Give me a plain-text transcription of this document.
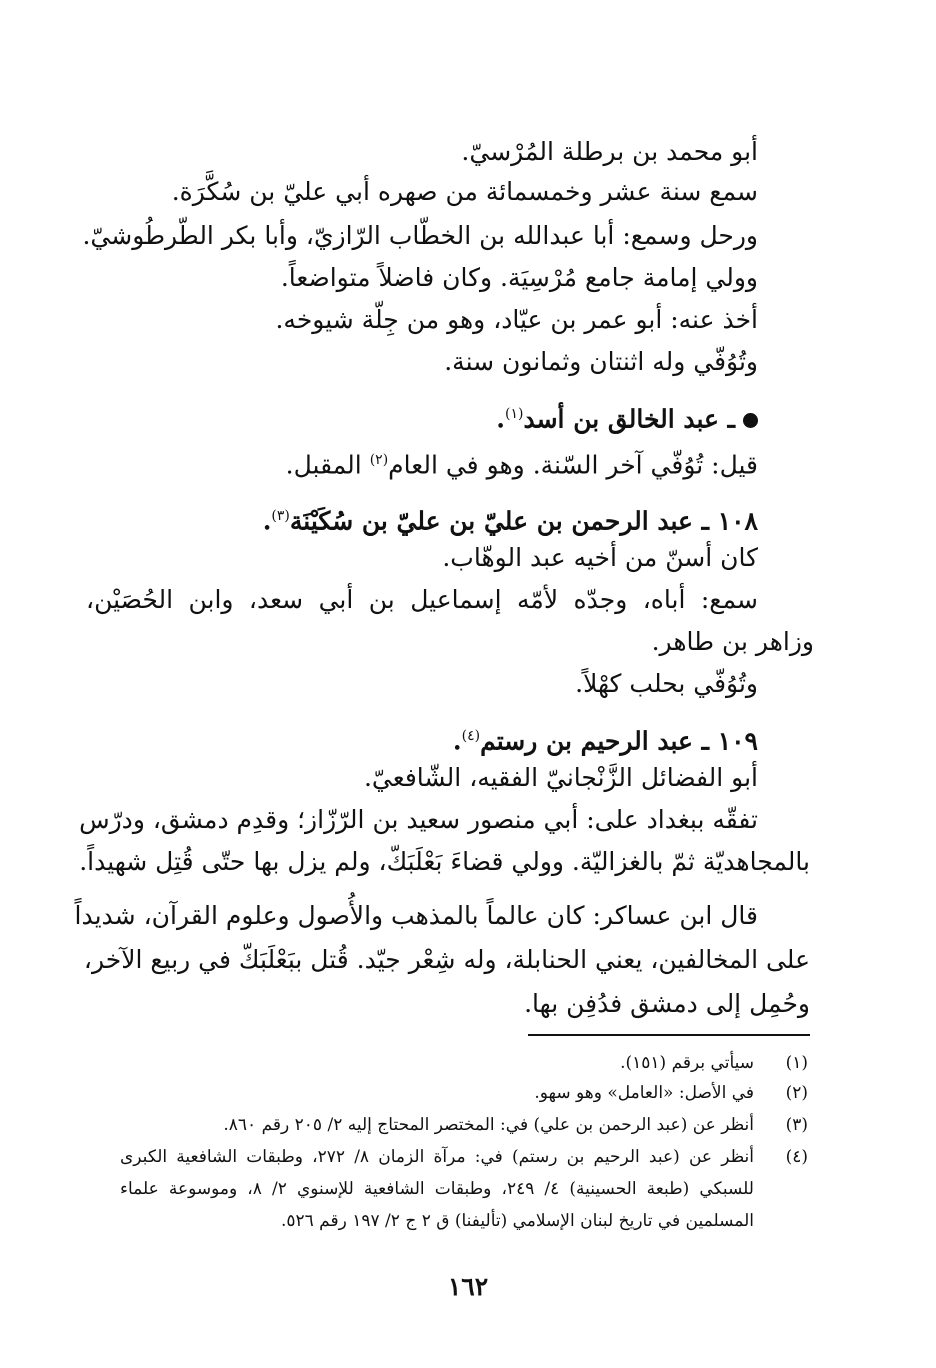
أبو محمد بن برطلة المُرْسيّ.
سمع سنة عشر وخمسمائة من صهره أبي عليّ بن سُكَّرَة.
ورحل وسمع: أبا عبدالله بن الخطّاب الرّازيّ، وأبا بكر الطّرطُوشيّ.
وولي إمامة جامع مُرْسِيَة. وكان فاضلاً متواضعاً.
أخذ عنه: أبو عمر بن عيّاد، وهو من جِلّة شيوخه.
وتُوُفّي وله اثنتان وثمانون سنة.
ـ عبد الخالق بن أسد$^{(١)}$.
قيل: تُوُفّي آخر السّنة. وهو في العام$^{(٢)}$ المقبل.
١٠٨ ـ عبد الرحمن بن عليّ بن عليّ بن سُكَيْنَة$^{(٣)}$.
كان أسنّ من أخيه عبد الوهّاب.
سمع: أباه، وجدّه لأمّه إسماعيل بن أبي سعد، وابن الحُصَيْن،
وزاهر بن طاهر.
وتُوُفّي بحلب كهْلاً.
١٠٩ ـ عبد الرحيم بن رستم$^{(٤)}$.
أبو الفضائل الزَّنْجانيّ الفقيه، الشّافعيّ.
تفقّه ببغداد على: أبي منصور سعيد بن الرّزّاز؛ وقدِم دمشق، ودرّس
بالمجاهديّة ثمّ بالغزاليّة. وولي قضاءَ بَعْلَبَكّ، ولم يزل بها حتّى قُتِل شهيداً.
قال ابن عساكر: كان عالماً بالمذهب والأُصول وعلوم القرآن، شديداً
على المخالفين، يعني الحنابلة، وله شِعْر جيّد. قُتل ببَعْلَبَكّ في ربيع الآخر،
وحُمِل إلى دمشق فدُفِن بها.
(١)
سيأتي برقم (١٥١).
(٢)
في الأصل: «العامل» وهو سهو.
(٣)
أنظر عن (عبد الرحمن بن علي) في: المختصر المحتاج إليه ٢/ ٢٠٥ رقم ٨٦٠.
(٤)
أنظر عن (عبد الرحيم بن رستم) في: مرآة الزمان ٨/ ٢٧٢، وطبقات الشافعية الكبرى
للسبكي (طبعة الحسينية) ٤/ ٢٤٩، وطبقات الشافعية للإسنوي ٢/ ٨، وموسوعة علماء
المسلمين في تاريخ لبنان الإسلامي (تأليفنا) ق ٢ ج ٢/ ١٩٧ رقم ٥٢٦.
١٦٢
